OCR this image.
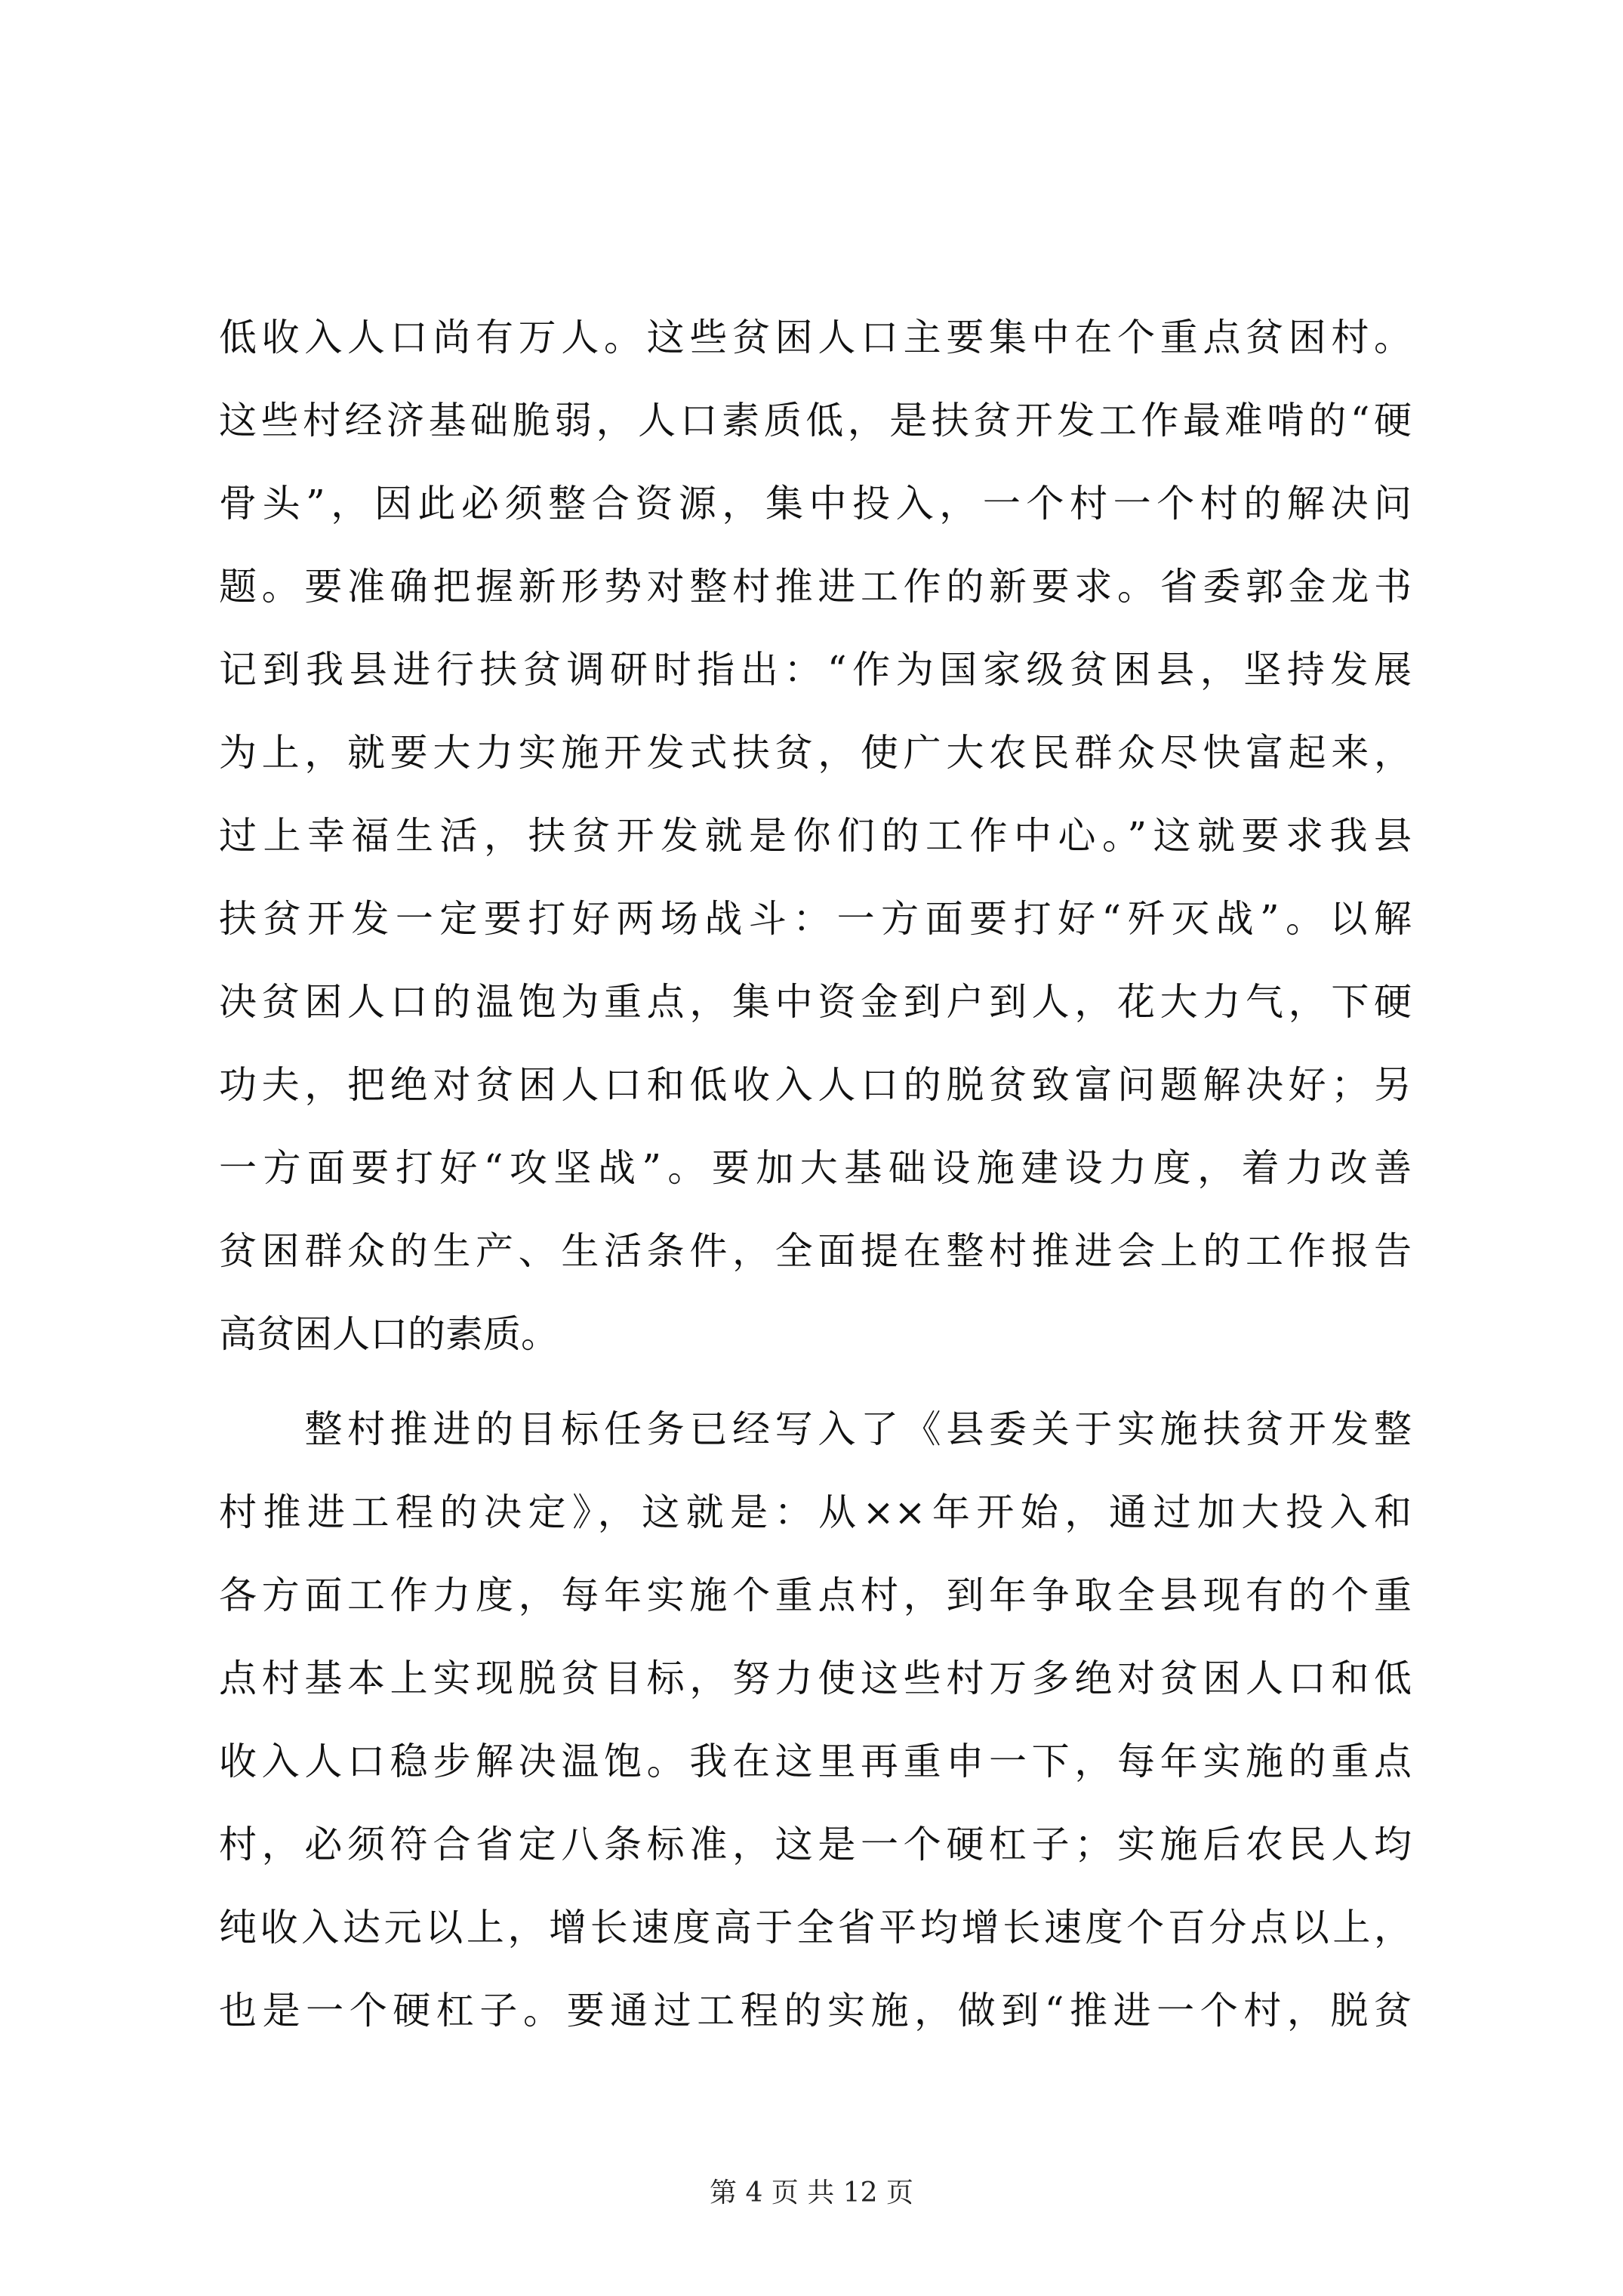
低收入人口尚有万人。这些贫困人口主要集中在个重点贫困村。
这些村经济基础脆弱，人口素质低，是扶贫开发工作最难啃的“硬
骨头”，因此必须整合资源，集中投入，一个村一个村的解决问
题。要准确把握新形势对整村推进工作的新要求。省委郭金龙书
记到我县进行扶贫调研时指出：“作为国家级贫困县，坚持发展
为上，就要大力实施开发式扶贫，使广大农民群众尽快富起来，
过上幸福生活，扶贫开发就是你们的工作中心。”这就要求我县
扶贫开发一定要打好两场战斗：一方面要打好“歼灭战”。以解
决贫困人口的温饱为重点，集中资金到户到人，花大力气，下硬
功夫，把绝对贫困人口和低收入人口的脱贫致富问题解决好；另
一方面要打好“攻坚战”。要加大基础设施建设力度，着力改善
贫困群众的生产、生活条件，全面提在整村推进会上的工作报告
高贫困人口的素质。
　　整村推进的目标任务已经写入了《县委关于实施扶贫开发整
村推进工程的决定》，这就是：从××年开始，通过加大投入和
各方面工作力度，每年实施个重点村，到年争取全县现有的个重
点村基本上实现脱贫目标，努力使这些村万多绝对贫困人口和低
收入人口稳步解决温饱。我在这里再重申一下，每年实施的重点
村，必须符合省定八条标准，这是一个硬杠子；实施后农民人均
纯收入达元以上，增长速度高于全省平均增长速度个百分点以上，
也是一个硬杠子。要通过工程的实施，做到“推进一个村，脱贫
第 4 页 共 12 页
